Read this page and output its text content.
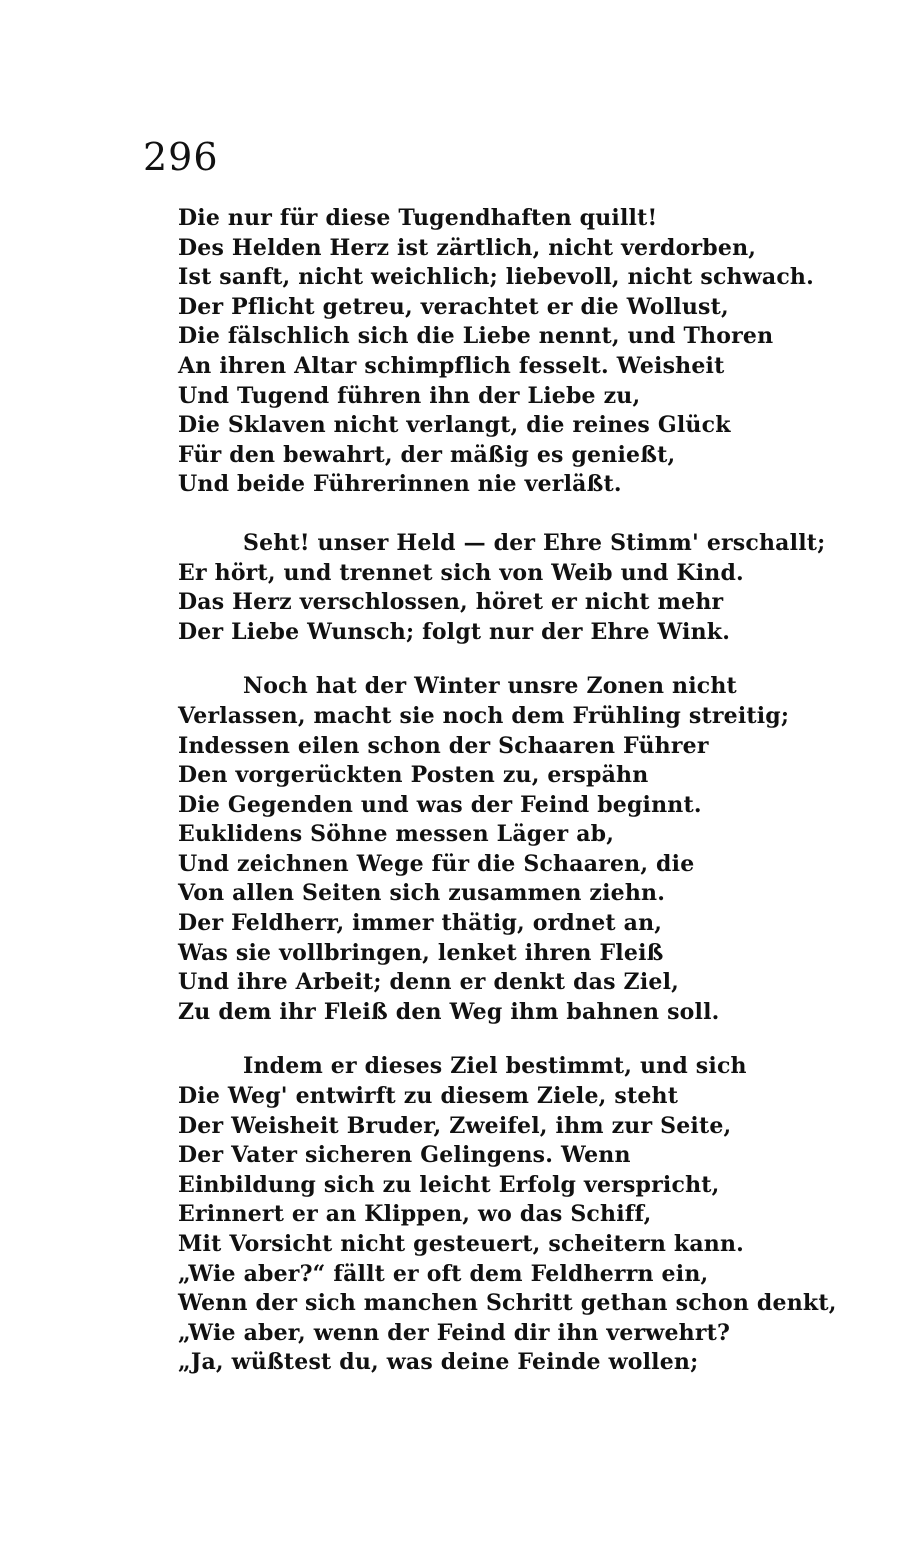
296
Die nur für diese Tugendhaften quillt!
Des Helden Herz ist zärtlich, nicht verdorben,
Ist sanft, nicht weichlich; liebevoll, nicht schwach.
Der Pflicht getreu, verachtet er die Wollust,
Die fälschlich sich die Liebe nennt, und Thoren
An ihren Altar schimpflich fesselt. Weisheit
Und Tugend führen ihn der Liebe zu,
Die Sklaven nicht verlangt, die reines Glück
Für den bewahrt, der mäßig es genießt,
Und beide Führerinnen nie verläßt.
Seht! unser Held — der Ehre Stimm' erschallt;
Er hört, und trennet sich von Weib und Kind.
Das Herz verschlossen, höret er nicht mehr
Der Liebe Wunsch; folgt nur der Ehre Wink.
Noch hat der Winter unsre Zonen nicht
Verlassen, macht sie noch dem Frühling streitig;
Indessen eilen schon der Schaaren Führer
Den vorgerückten Posten zu, erspähn
Die Gegenden und was der Feind beginnt.
Euklidens Söhne messen Läger ab,
Und zeichnen Wege für die Schaaren, die
Von allen Seiten sich zusammen ziehn.
Der Feldherr, immer thätig, ordnet an,
Was sie vollbringen, lenket ihren Fleiß
Und ihre Arbeit; denn er denkt das Ziel,
Zu dem ihr Fleiß den Weg ihm bahnen soll.
Indem er dieses Ziel bestimmt, und sich
Die Weg' entwirft zu diesem Ziele, steht
Der Weisheit Bruder, Zweifel, ihm zur Seite,
Der Vater sicheren Gelingens. Wenn
Einbildung sich zu leicht Erfolg verspricht,
Erinnert er an Klippen, wo das Schiff,
Mit Vorsicht nicht gesteuert, scheitern kann.
„Wie aber?“ fällt er oft dem Feldherrn ein,
Wenn der sich manchen Schritt gethan schon denkt,
„Wie aber, wenn der Feind dir ihn verwehrt?
„Ja, wüßtest du, was deine Feinde wollen;
